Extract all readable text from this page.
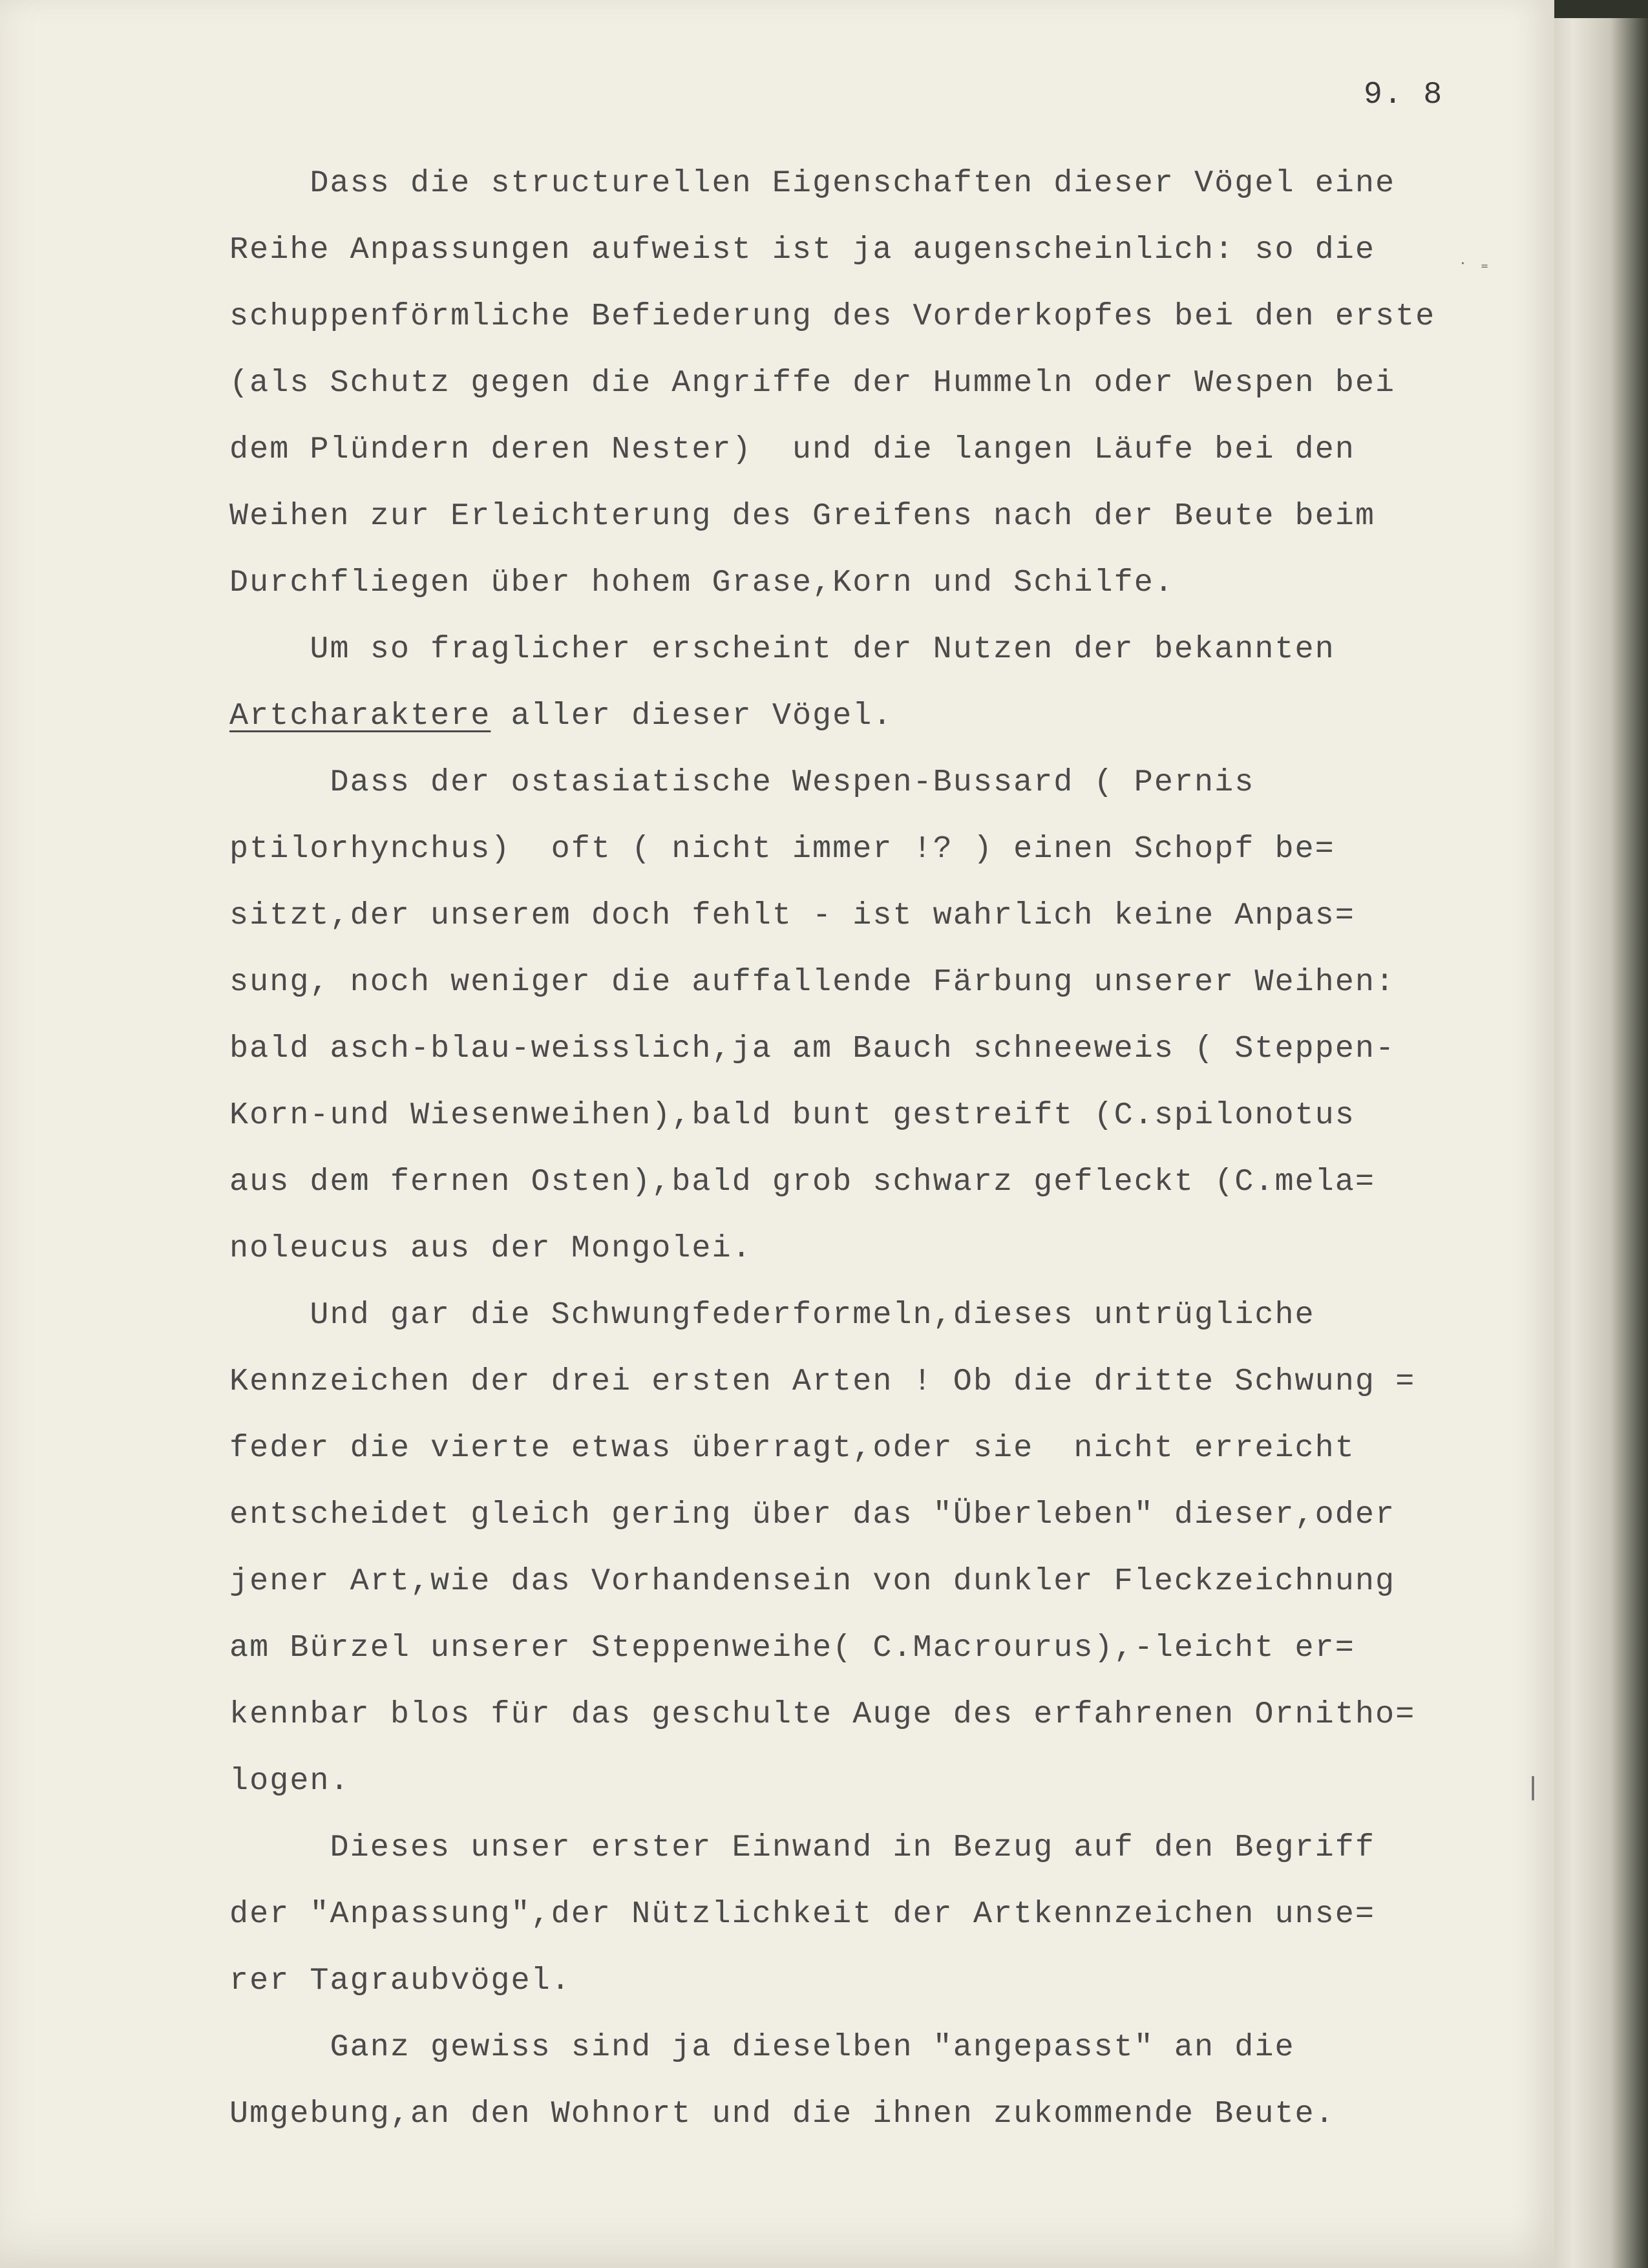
9. 8
Dass die structurellen Eigenschaften dieser Vögel eine
Reihe Anpassungen aufweist ist ja augenscheinlich: so die
schuppenförmliche Befiederung des Vorderkopfes bei den erste
(als Schutz gegen die Angriffe der Hummeln oder Wespen bei
dem Plündern deren Nester)  und die langen Läufe bei den
Weihen zur Erleichterung des Greifens nach der Beute beim
Durchfliegen über hohem Grase,Korn und Schilfe.
Um so fraglicher erscheint der Nutzen der bekannten
Artcharaktere aller dieser Vögel.
Dass der ostasiatische Wespen-Bussard ( Pernis
ptilorhynchus)  oft ( nicht immer !? ) einen Schopf be=
sitzt,der unserem doch fehlt - ist wahrlich keine Anpas=
sung, noch weniger die auffallende Färbung unserer Weihen:
bald asch-blau-weisslich,ja am Bauch schneeweis ( Steppen-
Korn-und Wiesenweihen),bald bunt gestreift (C.spilonotus
aus dem fernen Osten),bald grob schwarz gefleckt (C.mela=
noleucus aus der Mongolei.
Und gar die Schwungfederformeln,dieses untrügliche
Kennzeichen der drei ersten Arten ! Ob die dritte Schwung =
feder die vierte etwas überragt,oder sie  nicht erreicht
entscheidet gleich gering über das "Überleben" dieser,oder
jener Art,wie das Vorhandensein von dunkler Fleckzeichnung
am Bürzel unserer Steppenweihe( C.Macrourus),-leicht er=
kennbar blos für das geschulte Auge des erfahrenen Ornitho=
logen.
Dieses unser erster Einwand in Bezug auf den Begriff
der "Anpassung",der Nützlichkeit der Artkennzeichen unse=
rer Tagraubvögel.
Ganz gewiss sind ja dieselben "angepasst" an die
Umgebung,an den Wohnort und die ihnen zukommende Beute.
˙ ⁼
|
